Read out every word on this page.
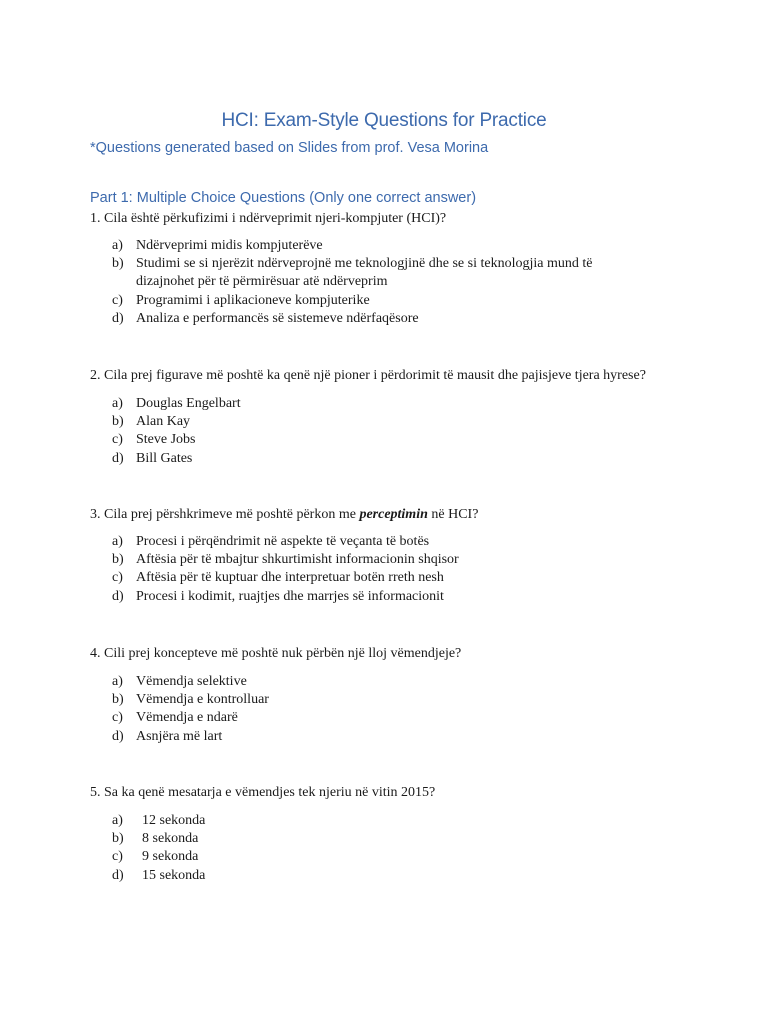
HCI: Exam-Style Questions for Practice
*Questions generated based on Slides from prof. Vesa Morina
Part 1: Multiple Choice Questions (Only one correct answer)
1. Cila është përkufizimi i ndërveprimit njeri-kompjuter (HCI)?
a) Ndërveprimi midis kompjuterëve
b) Studimi se si njerëzit ndërveprojnë me teknologjinë dhe se si teknologjia mund të dizajnohet për të përmirësuar atë ndërveprim
c) Programimi i aplikacioneve kompjuterike
d) Analiza e performancës së sistemeve ndërfaqësore
2. Cila prej figurave më poshtë ka qenë një pioner i përdorimit të mausit dhe pajisjeve tjera hyrese?
a) Douglas Engelbart
b) Alan Kay
c) Steve Jobs
d) Bill Gates
3. Cila prej përshkrimeve më poshtë përkon me perceptimin në HCI?
a) Procesi i përqëndrimit në aspekte të veçanta të botës
b) Aftësia për të mbajtur shkurtimisht informacionin shqisor
c) Aftësia për të kuptuar dhe interpretuar botën rreth nesh
d) Procesi i kodimit, ruajtjes dhe marrjes së informacionit
4. Cili prej koncepteve më poshtë nuk përbën një lloj vëmendjeje?
a) Vëmendja selektive
b) Vëmendja e kontrolluar
c) Vëmendja e ndarë
d) Asnjëra më lart
5. Sa ka qenë mesatarja e vëmendjes tek njeriu në vitin 2015?
a) 12 sekonda
b) 8 sekonda
c) 9 sekonda
d) 15 sekonda
